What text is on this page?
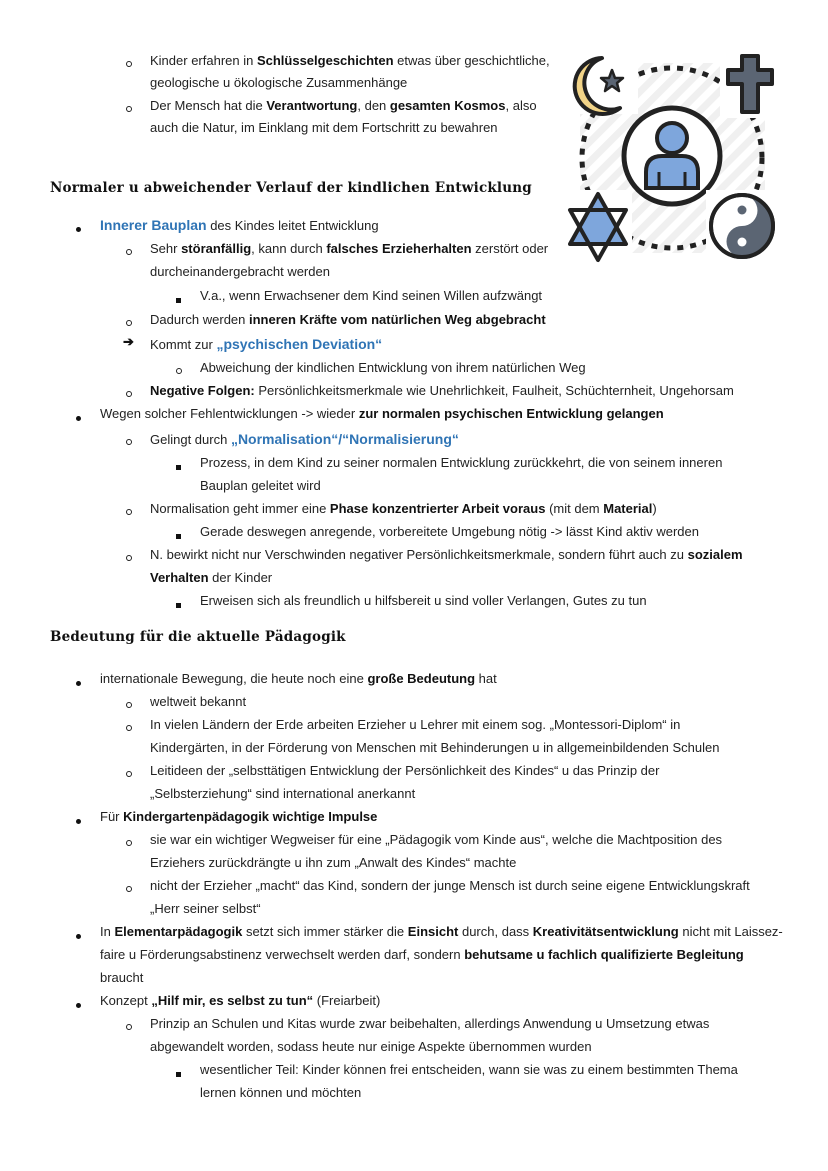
Normaler u abweichender Verlauf der kindlichen Entwicklung
Bedeutung für die aktuelle Pädagogik
Kinder erfahren in Schlüsselgeschichten etwas über geschichtliche,
geologische u ökologische Zusammenhänge
Der Mensch hat die Verantwortung, den gesamten Kosmos, also
auch die Natur, im Einklang mit dem Fortschritt zu bewahren
Innerer Bauplan des Kindes leitet Entwicklung
Sehr störanfällig, kann durch falsches Erzieherhalten zerstört oder
durcheinandergebracht werden
V.a., wenn Erwachsener dem Kind seinen Willen aufzwängt
Dadurch werden inneren Kräfte vom natürlichen Weg abgebracht
➔ Kommt zur „psychischen Deviation“
Abweichung der kindlichen Entwicklung von ihrem natürlichen Weg
Negative Folgen: Persönlichkeitsmerkmale wie Unehrlichkeit, Faulheit, Schüchternheit, Ungehorsam
Wegen solcher Fehlentwicklungen -> wieder zur normalen psychischen Entwicklung gelangen
Gelingt durch „Normalisation“/“Normalisierung“
Prozess, in dem Kind zu seiner normalen Entwicklung zurückkehrt, die von seinem inneren
Bauplan geleitet wird
Normalisation geht immer eine Phase konzentrierter Arbeit voraus (mit dem Material)
Gerade deswegen anregende, vorbereitete Umgebung nötig -> lässt Kind aktiv werden
N. bewirkt nicht nur Verschwinden negativer Persönlichkeitsmerkmale, sondern führt auch zu sozialem
Verhalten der Kinder
Erweisen sich als freundlich u hilfsbereit u sind voller Verlangen, Gutes zu tun
internationale Bewegung, die heute noch eine große Bedeutung hat
weltweit bekannt
In vielen Ländern der Erde arbeiten Erzieher u Lehrer mit einem sog. „Montessori-Diplom“ in
Kindergärten, in der Förderung von Menschen mit Behinderungen u in allgemeinbildenden Schulen
Leitideen der „selbsttätigen Entwicklung der Persönlichkeit des Kindes“ u das Prinzip der
„Selbsterziehung“ sind international anerkannt
Für Kindergartenpädagogik wichtige Impulse
sie war ein wichtiger Wegweiser für eine „Pädagogik vom Kinde aus“, welche die Machtposition des
Erziehers zurückdrängte u ihn zum „Anwalt des Kindes“ machte
nicht der Erzieher „macht“ das Kind, sondern der junge Mensch ist durch seine eigene Entwicklungskraft
„Herr seiner selbst“
In Elementarpädagogik setzt sich immer stärker die Einsicht durch, dass Kreativitätsentwicklung nicht mit Laissez-
faire u Förderungsabstinenz verwechselt werden darf, sondern behutsame u fachlich qualifizierte Begleitung
braucht
Konzept „Hilf mir, es selbst zu tun“ (Freiarbeit)
Prinzip an Schulen und Kitas wurde zwar beibehalten, allerdings Anwendung u Umsetzung etwas
abgewandelt worden, sodass heute nur einige Aspekte übernommen wurden
wesentlicher Teil: Kinder können frei entscheiden, wann sie was zu einem bestimmten Thema
lernen können und möchten
